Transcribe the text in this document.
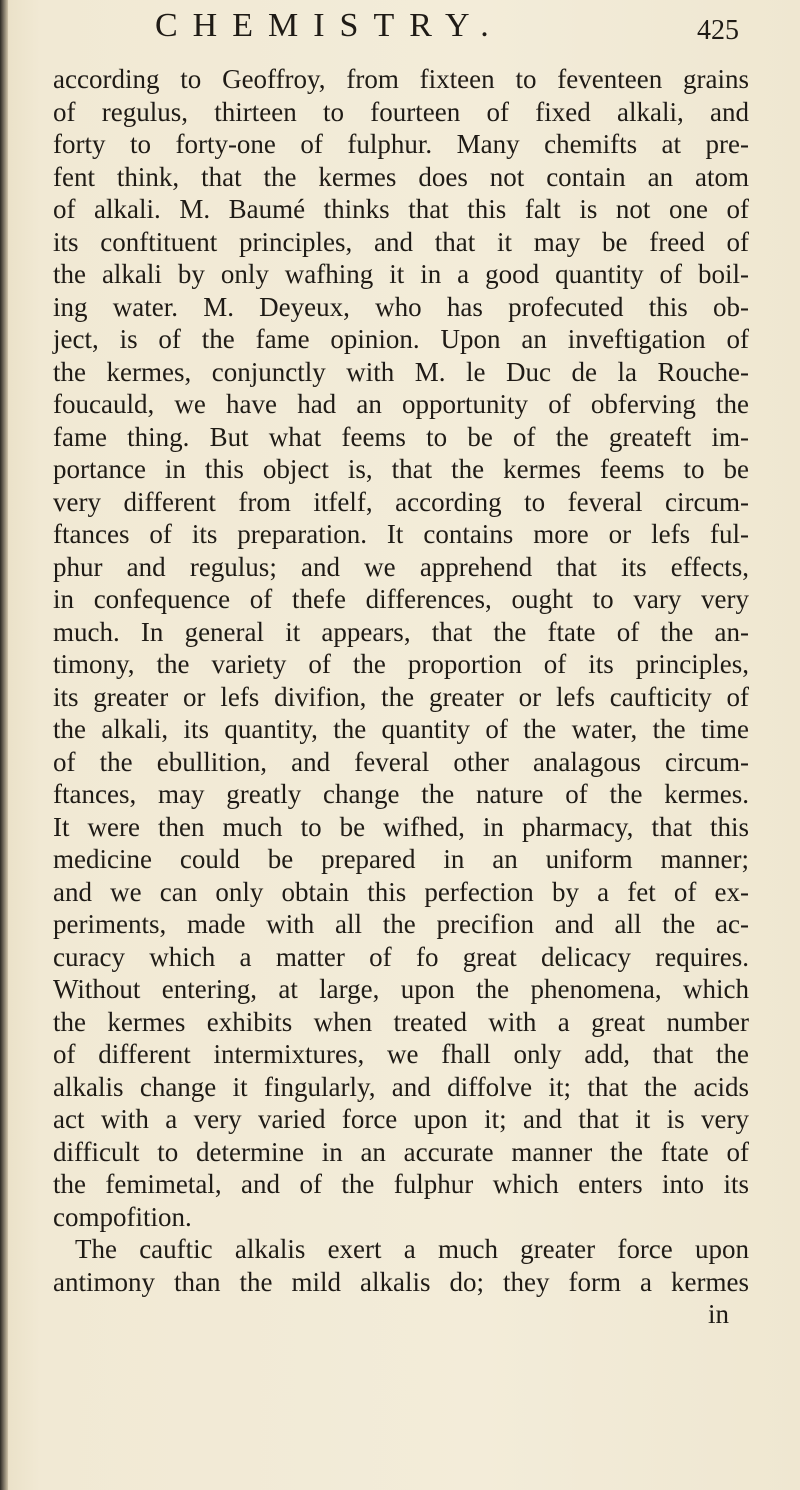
CHEMISTRY.	425
according to Geoffroy, from fixteen to feventeen grains
of regulus, thirteen to fourteen of fixed alkali, and
forty to forty-one of fulphur. Many chemifts at pre-
fent think, that the kermes does not contain an atom
of alkali. M. Baumé thinks that this falt is not one of
its conftituent principles, and that it may be freed of
the alkali by only wafhing it in a good quantity of boil-
ing water. M. Deyeux, who has profecuted this ob-
ject, is of the fame opinion. Upon an inveftigation of
the kermes, conjunctly with M. le Duc de la Rouche-
foucauld, we have had an opportunity of obferving the
fame thing. But what feems to be of the greateft im-
portance in this object is, that the kermes feems to be
very different from itfelf, according to feveral circum-
ftances of its preparation. It contains more or lefs ful-
phur and regulus; and we apprehend that its effects,
in confequence of thefe differences, ought to vary very
much. In general it appears, that the ftate of the an-
timony, the variety of the proportion of its principles,
its greater or lefs divifion, the greater or lefs caufticity of
the alkali, its quantity, the quantity of the water, the time
of the ebullition, and feveral other analagous circum-
ftances, may greatly change the nature of the kermes.
It were then much to be wifhed, in pharmacy, that this
medicine could be prepared in an uniform manner;
and we can only obtain this perfection by a fet of ex-
periments, made with all the precifion and all the ac-
curacy which a matter of fo great delicacy requires.
Without entering, at large, upon the phenomena, which
the kermes exhibits when treated with a great number
of different intermixtures, we fhall only add, that the
alkalis change it fingularly, and diffolve it; that the acids
act with a very varied force upon it; and that it is very
difficult to determine in an accurate manner the ftate of
the femimetal, and of the fulphur which enters into its
compofition.
The cauftic alkalis exert a much greater force upon
antimony than the mild alkalis do; they form a kermes
in
